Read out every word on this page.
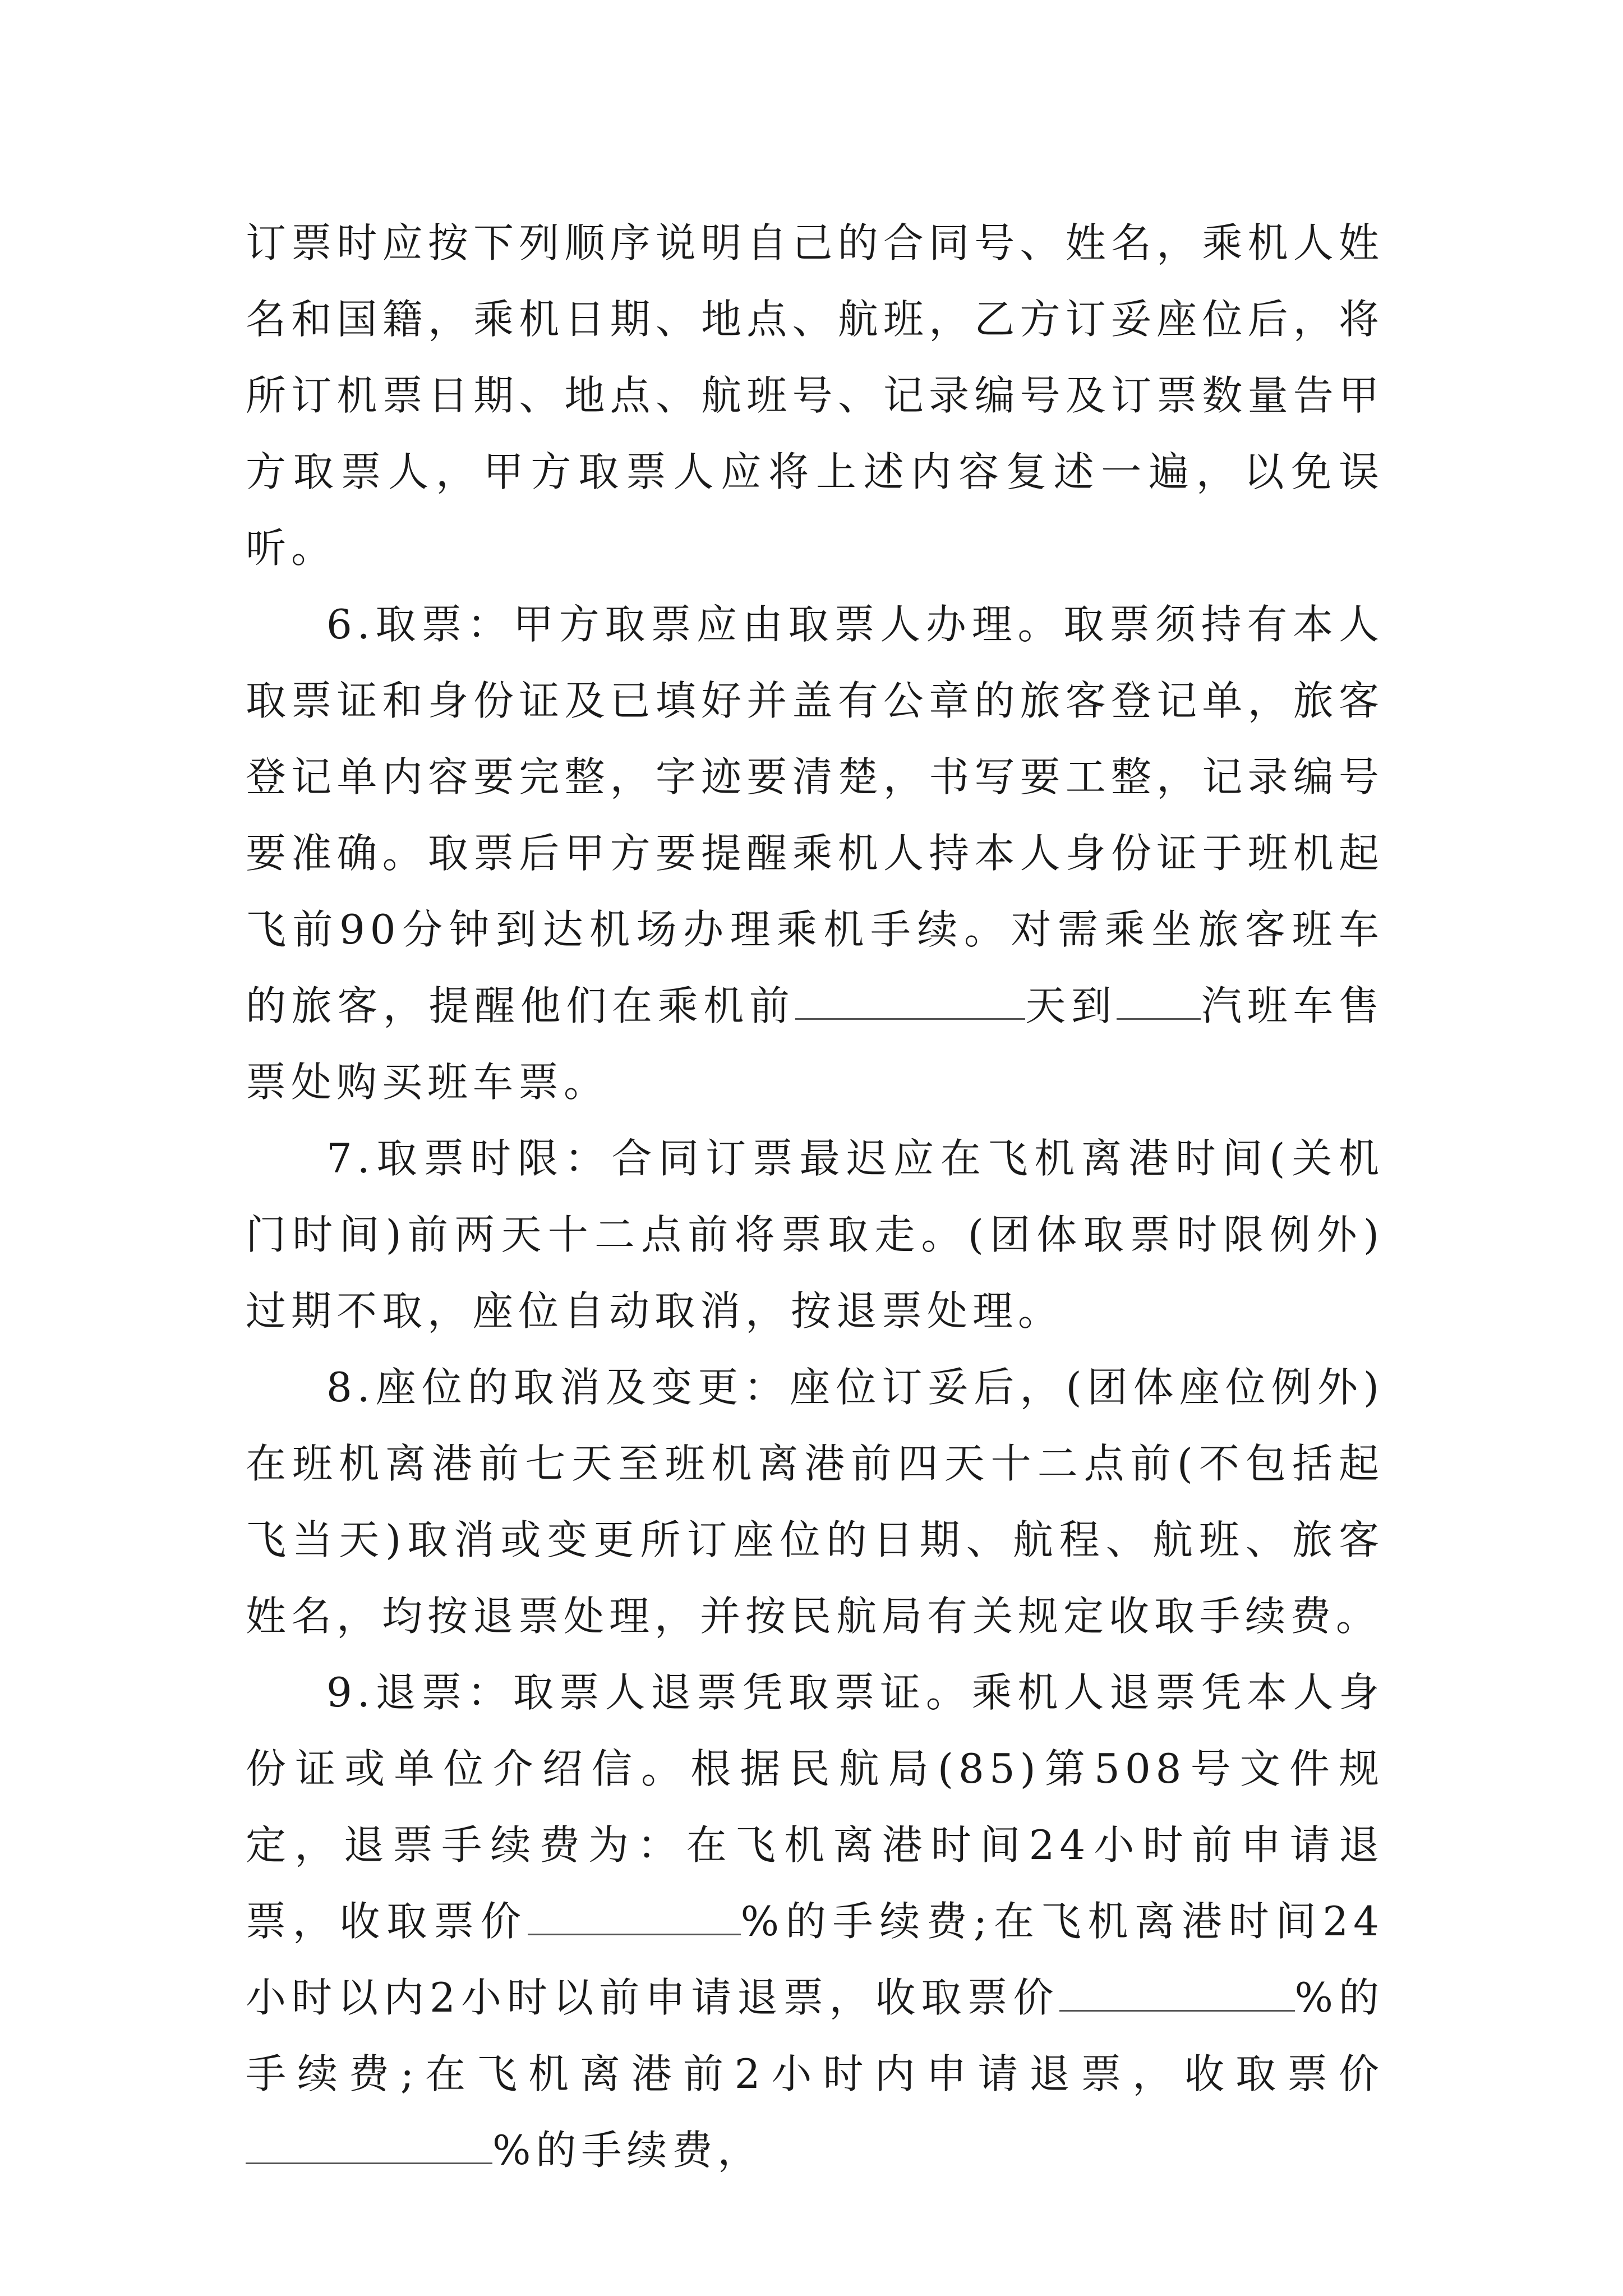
订票时应按下列顺序说明自己的合同号、姓名，乘机人姓名和国籍，乘机日期、地点、航班，乙方订妥座位后，将所订机票日期、地点、航班号、记录编号及订票数量告甲方取票人，甲方取票人应将上述内容复述一遍，以免误听。

6.取票：甲方取票应由取票人办理。取票须持有本人取票证和身份证及已填好并盖有公章的旅客登记单，旅客登记单内容要完整，字迹要清楚，书写要工整，记录编号要准确。取票后甲方要提醒乘机人持本人身份证于班机起飞前90分钟到达机场办理乘机手续。对需乘坐旅客班车的旅客，提醒他们在乘机前	天到 汽班车售票处购买班车票。

7.取票时限：合同订票最迟应在飞机离港时间(关机门时间)前两天十二点前将票取走。(团体取票时限例外)过期不取，座位自动取消，按退票处理。

8.座位的取消及变更：座位订妥后，(团体座位例外)在班机离港前七天至班机离港前四天十二点前(不包括起飞当天)取消或变更所订座位的日期、航程、航班、旅客姓名，均按退票处理，并按民航局有关规定收取手续费。

9.退票：取票人退票凭取票证。乘机人退票凭本人身份证或单位介绍信。根据民航局(85)第508号文件规定，退票手续费为：在飞机离港时间24小时前申请退票，收取票价	%的手续费;在飞机离港时间24小时以内2小时以前申请退票，收取票价	%的手续费;在飞机离港前2小时内申请退票，收取票价%的手续费，
